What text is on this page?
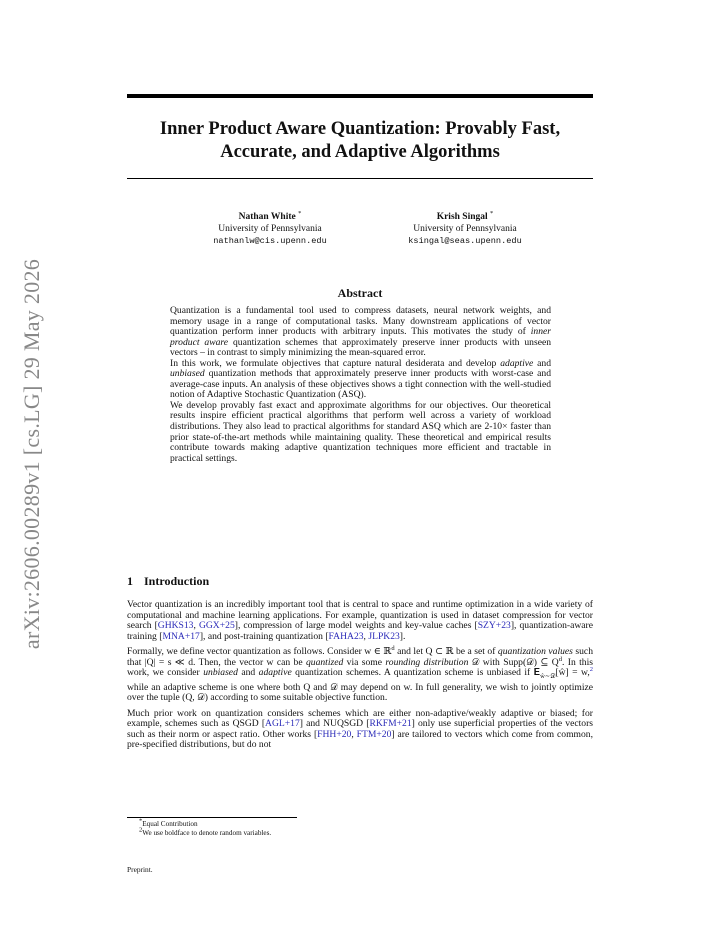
arXiv:2606.00289v1 [cs.LG] 29 May 2026
Inner Product Aware Quantization: Provably Fast,
Accurate, and Adaptive Algorithms
Nathan White *
University of Pennsylvania
nathanlw@cis.upenn.edu
Krish Singal *
University of Pennsylvania
ksingal@seas.upenn.edu
Abstract

Quantization is a fundamental tool used to compress datasets, neural network weights, and memory usage in a range of computational tasks. Many downstream applications of vector quantization perform inner products with arbitrary inputs. This motivates the study of inner product aware quantization schemes that approximately preserve inner products with unseen vectors – in contrast to simply minimizing the mean-squared error.

In this work, we formulate objectives that capture natural desiderata and develop adaptive and unbiased quantization methods that approximately preserve inner products with worst-case and average-case inputs. An analysis of these objectives shows a tight connection with the well-studied notion of Adaptive Stochastic Quantization (ASQ).

We develop provably fast exact and approximate algorithms for our objectives. Our theoretical results inspire efficient practical algorithms that perform well across a variety of workload distributions. They also lead to practical algorithms for standard ASQ which are 2-10× faster than prior state-of-the-art methods while maintaining quality. These theoretical and empirical results contribute towards making adaptive quantization techniques more efficient and tractable in practical settings.

1 Introduction

Vector quantization is an incredibly important tool that is central to space and runtime optimization in a wide variety of computational and machine learning applications. For example, quantization is used in dataset compression for vector search [GHKS13, GGX+25], compression of large model weights and key-value caches [SZY+23], quantization-aware training [MNA+17], and post-training quantization [FAHA23, JLPK23].

Formally, we define vector quantization as follows. Consider w ∈ ℝ$^d$ and let Q ⊂ ℝ be a set of quantization values such that |Q| = s ≪ d. Then, the vector w can be quantized via some rounding distribution 𝒟 with Supp(𝒟) ⊆ $Q^d$. In this work, we consider unbiased and adaptive quantization schemes. A quantization scheme is unbiased if 𝐄$_{ŵ\sim 𝒟}$[ŵ] = w,$^2$ while an adaptive scheme is one where both Q and 𝒟 may depend on w. In full generality, we wish to jointly optimize over the tuple (Q, 𝒟) according to some suitable objective function.

Much prior work on quantization considers schemes which are either non-adaptive/weakly adaptive or biased; for example, schemes such as QSGD [AGL+17] and NUQSGD [RKFM+21] only use superficial properties of the vectors such as their norm or aspect ratio. Other works [FHH+20, FTM+20] are tailored to vectors which come from common, pre-specified distributions, but do not

*Equal Contribution
$^2$We use boldface to denote random variables.
Preprint.
